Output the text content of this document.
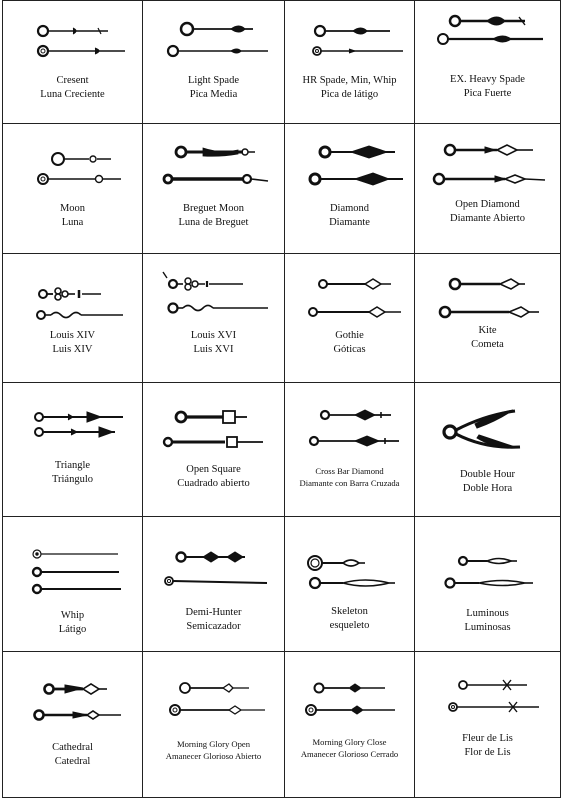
Cresent
Luna Creciente
Light Spade
Pica Media
HR Spade, Min, Whip
Pica de látigo
EX. Heavy Spade
Pica Fuerte
Moon
Luna
Breguet Moon
Luna de Breguet
Diamond
Diamante
Open Diamond
Diamante Abierto
Louis XIV
Luis XIV
Louis XVI
Luis XVI
Gothie
Góticas
Kite
Cometa
Triangle
Triángulo
Open Square
Cuadrado abierto
Cross Bar Diamond
Diamante con Barra Cruzada
Double Hour
Doble Hora
Whip
Látigo
Demi-Hunter
Semicazador
Skeleton
esqueleto
Luminous
Luminosas
Cathedral
Catedral
Morning Glory Open
Amanecer Glorioso Abierto
Morning Glory Close
Amanecer Glorioso Cerrado
Fleur de Lis
Flor de Lis
